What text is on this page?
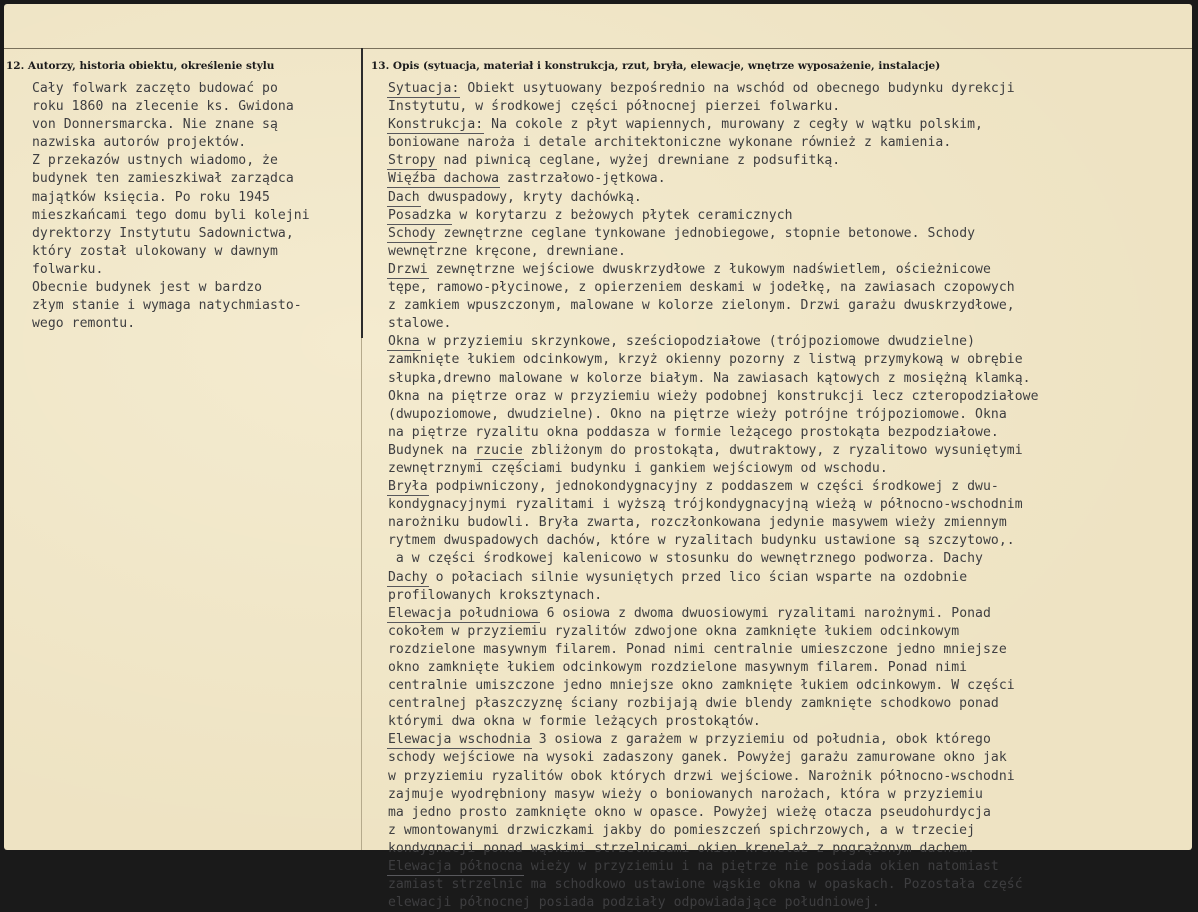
12. Autorzy, historia obiektu, określenie stylu	13. Opis (sytuacja, materiał i konstrukcja, rzut, bryła, elewacje, wnętrze wyposażenie, instalacje)
Cały folwark zaczęto budować po
roku 1860 na zlecenie ks. Gwidona
von Donnersmarcka. Nie znane są
nazwiska autorów projektów.
Z przekazów ustnych wiadomo, że
budynek ten zamieszkiwał zarządca
majątków księcia. Po roku 1945
mieszkańcami tego domu byli kolejni
dyrektorzy Instytutu Sadownictwa,
który został ulokowany w dawnym
folwarku.
Obecnie budynek jest w bardzo
złym stanie i wymaga natychmiasto-
wego remontu.
Sytuacja: Obiekt usytuowany bezpośrednio na wschód od obecnego budynku dyrekcji
Instytutu, w środkowej części północnej pierzei folwarku.
Konstrukcja: Na cokole z płyt wapiennych, murowany z cegły w wątku polskim,
boniowane naroża i detale architektoniczne wykonane również z kamienia.
Stropy nad piwnicą ceglane, wyżej drewniane z podsufitką.
Więźba dachowa zastrzałowo-jętkowa.
Dach dwuspadowy, kryty dachówką.
Posadzka w korytarzu z beżowych płytek ceramicznych
Schody zewnętrzne ceglane tynkowane jednobiegowe, stopnie betonowe. Schody
wewnętrzne kręcone, drewniane.
Drzwi zewnętrzne wejściowe dwuskrzydłowe z łukowym nadświetlem, ościeżnicowe
tępe, ramowo-płycinowe, z opierzeniem deskami w jodełkę, na zawiasach czopowych
z zamkiem wpuszczonym, malowane w kolorze zielonym. Drzwi garażu dwuskrzydłowe,
stalowe.
Okna w przyziemiu skrzynkowe, sześciopodziałowe (trójpoziomowe dwudzielne)
zamknięte łukiem odcinkowym, krzyż okienny pozorny z listwą przymykową w obrębie
słupka,drewno malowane w kolorze białym. Na zawiasach kątowych z mosiężną klamką.
Okna na piętrze oraz w przyziemiu wieży podobnej konstrukcji lecz czteropodziałowe
(dwupoziomowe, dwudzielne). Okno na piętrze wieży potrójne trójpoziomowe. Okna
na piętrze ryzalitu okna poddasza w formie leżącego prostokąta bezpodziałowe.
Budynek na rzucie zbliżonym do prostokąta, dwutraktowy, z ryzalitowo wysuniętymi
zewnętrznymi częściami budynku i gankiem wejściowym od wschodu.
Bryła podpiwniczony, jednokondygnacyjny z poddaszem w części środkowej z dwu-
kondygnacyjnymi ryzalitami i wyższą trójkondygnacyjną wieżą w północno-wschodnim
narożniku budowli. Bryła zwarta, rozczłonkowana jedynie masywem wieży zmiennym
rytmem dwuspadowych dachów, które w ryzalitach budynku ustawione są szczytowo,.
a w części środkowej kalenicowo w stosunku do wewnętrznego podworza. Dachy
Dachy o połaciach silnie wysuniętych przed lico ścian wsparte na ozdobnie
profilowanych krokszty​nach.
Elewacja południowa 6 osiowa z dwoma dwuosiowymi ryzalitami narożnymi. Ponad
cokołem w przyziemiu ryzalitów zdwojone okna zamknięte łukiem odcinkowym
rozdzielone masywnym filarem. Ponad nimi centralnie umieszczone jedno mniejsze
okno zamknięte łukiem odcinkowym rozdzielone masywnym filarem. Ponad nimi
centralnie umiszczone jedno mniejsze okno zamknięte łukiem odcinkowym. W części
centralnej płaszczyznę ściany rozbijają dwie blendy zamknięte schodkowo ponad
którymi dwa okna w formie leżących prostokątów.
Elewacja wschodnia 3 osiowa z garażem w przyziemiu od południa, obok którego
schody wejściowe na wysoki zadaszony ganek. Powyżej garażu zamurowane okno jak
w przyziemiu ryzalitów obok których drzwi wejściowe. Narożnik północno-wschodni
zajmuje wyodrębniony masyw wieży o boniowanych narożach, która w przyziemiu
ma jedno prosto zamknięte okno w opasce. Powyżej wieżę otacza pseudohurdycja
z wmontowanymi drzwiczkami jakby do pomieszczeń spichrzowych, a w trzeciej
kondygnacji ponad wąskimi strzelnicami okien krenelaż z pogrążonym dachem.
Elewacja północna wieży w przyziemiu i na piętrze nie posiada okien natomiast
zamiast strzelnic ma schodkowo ustawione wąskie okna w opaskach. Pozostała część
elewacji północnej posiada podziały odpowiadające południowej.
